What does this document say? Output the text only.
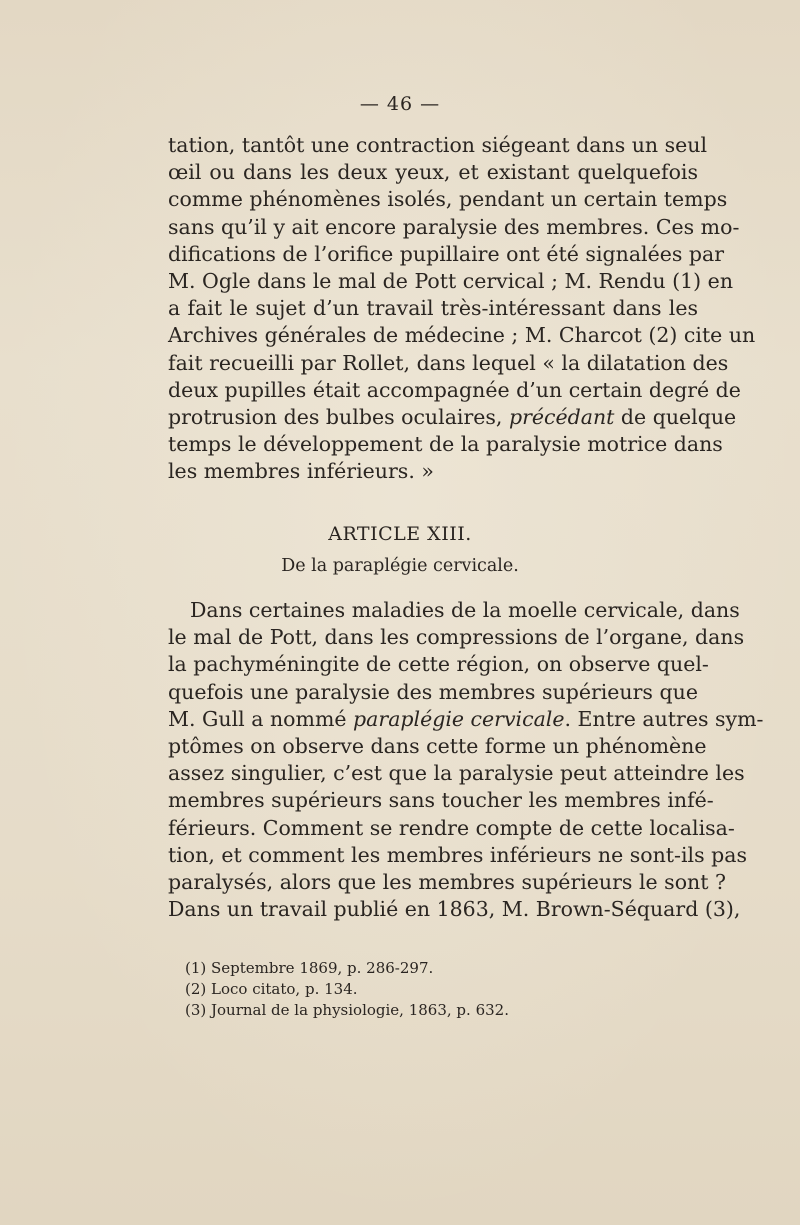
— 46 —
tation, tantôt une contraction siégeant dans un seul
œil ou dans les deux yeux, et existant quelquefois
comme phénomènes isolés, pendant un certain temps
sans qu’il y ait encore paralysie des membres. Ces mo-
difications de l’orifice pupillaire ont été signalées par
M. Ogle dans le mal de Pott cervical ; M. Rendu (1) en
a fait le sujet d’un travail très-intéressant dans les
Archives générales de médecine ; M. Charcot (2) cite un
fait recueilli par Rollet, dans lequel « la dilatation des
deux pupilles était accompagnée d’un certain degré de
protrusion des bulbes oculaires, précédant de quelque
temps le développement de la paralysie motrice dans
les membres inférieurs. »
ARTICLE XIII.
De la paraplégie cervicale.
Dans certaines maladies de la moelle cervicale, dans
le mal de Pott, dans les compressions de l’organe, dans
la pachyméningite de cette région, on observe quel-
quefois une paralysie des membres supérieurs que
M. Gull a nommé paraplégie cervicale. Entre autres sym-
ptômes on observe dans cette forme un phénomène
assez singulier, c’est que la paralysie peut atteindre les
membres supérieurs sans toucher les membres infé-
férieurs. Comment se rendre compte de cette localisa-
tion, et comment les membres inférieurs ne sont-ils pas
paralysés, alors que les membres supérieurs le sont ?
Dans un travail publié en 1863, M. Brown-Séquard (3),
(1) Septembre 1869, p. 286-297.
(2) Loco citato, p. 134.
(3) Journal de la physiologie, 1863, p. 632.
